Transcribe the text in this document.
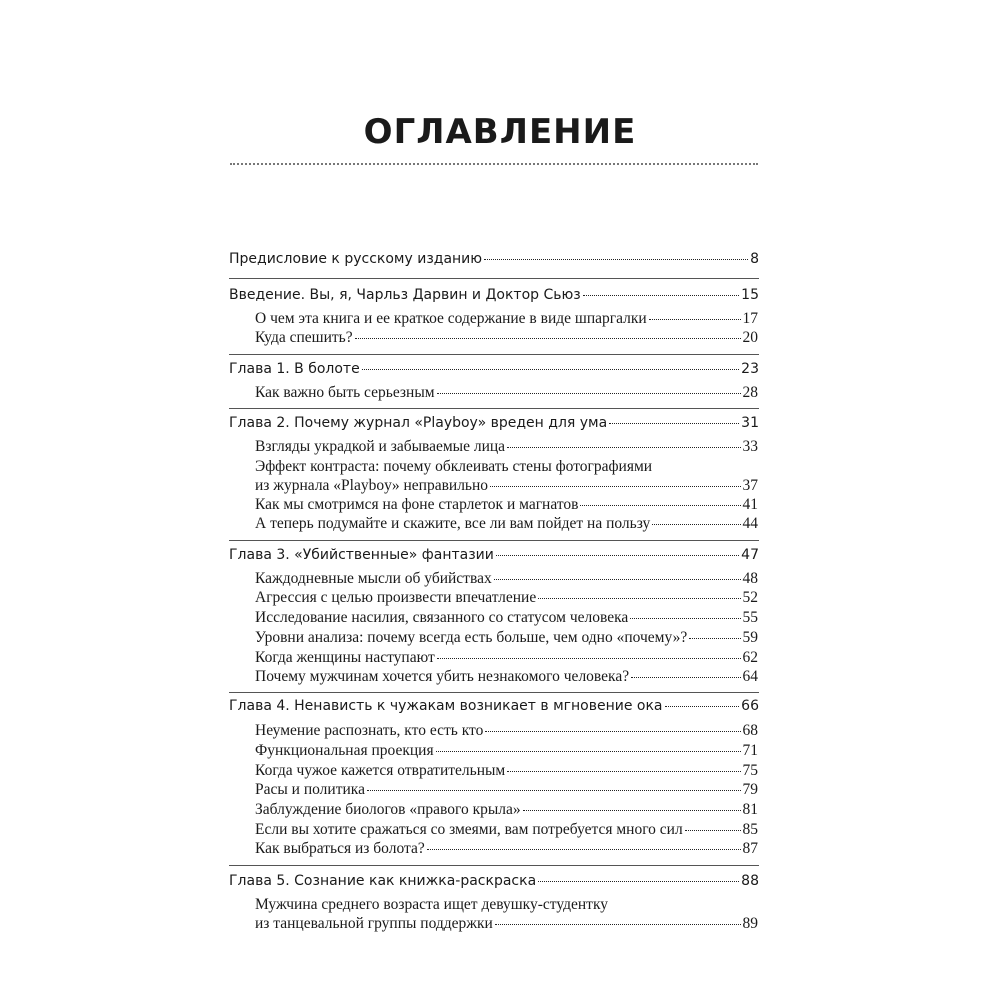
ОГЛАВЛЕНИЕ
Предисловие к русскому изданию	8
Введение. Вы, я, Чарльз Дарвин и Доктор Сьюз	15
О чем эта книга и ее краткое содержание в виде шпаргалки	17
Куда спешить?	20
Глава 1. В болоте	23
Как важно быть серьезным	28
Глава 2. Почему журнал «Playboy» вреден для ума	31
Взгляды украдкой и забываемые лица	33
Эффект контраста: почему обклеивать стены фотографиями
из журнала «Playboy» неправильно	37
Как мы смотримся на фоне старлеток и магнатов	41
А теперь подумайте и скажите, все ли вам пойдет на пользу	44
Глава 3. «Убийственные» фантазии	47
Каждодневные мысли об убийствах	48
Агрессия с целью произвести впечатление	52
Исследование насилия, связанного со статусом человека	55
Уровни анализа: почему всегда есть больше, чем одно «почему»?	59
Когда женщины наступают	62
Почему мужчинам хочется убить незнакомого человека?	64
Глава 4. Ненависть к чужакам возникает в мгновение ока	66
Неумение распознать, кто есть кто	68
Функциональная проекция	71
Когда чужое кажется отвратительным	75
Расы и политика	79
Заблуждение биологов «правого крыла»	81
Если вы хотите сражаться со змеями, вам потребуется много сил	85
Как выбраться из болота?	87
Глава 5. Сознание как книжка-раскраска	88
Мужчина среднего возраста ищет девушку-студентку
из танцевальной группы поддержки	89
